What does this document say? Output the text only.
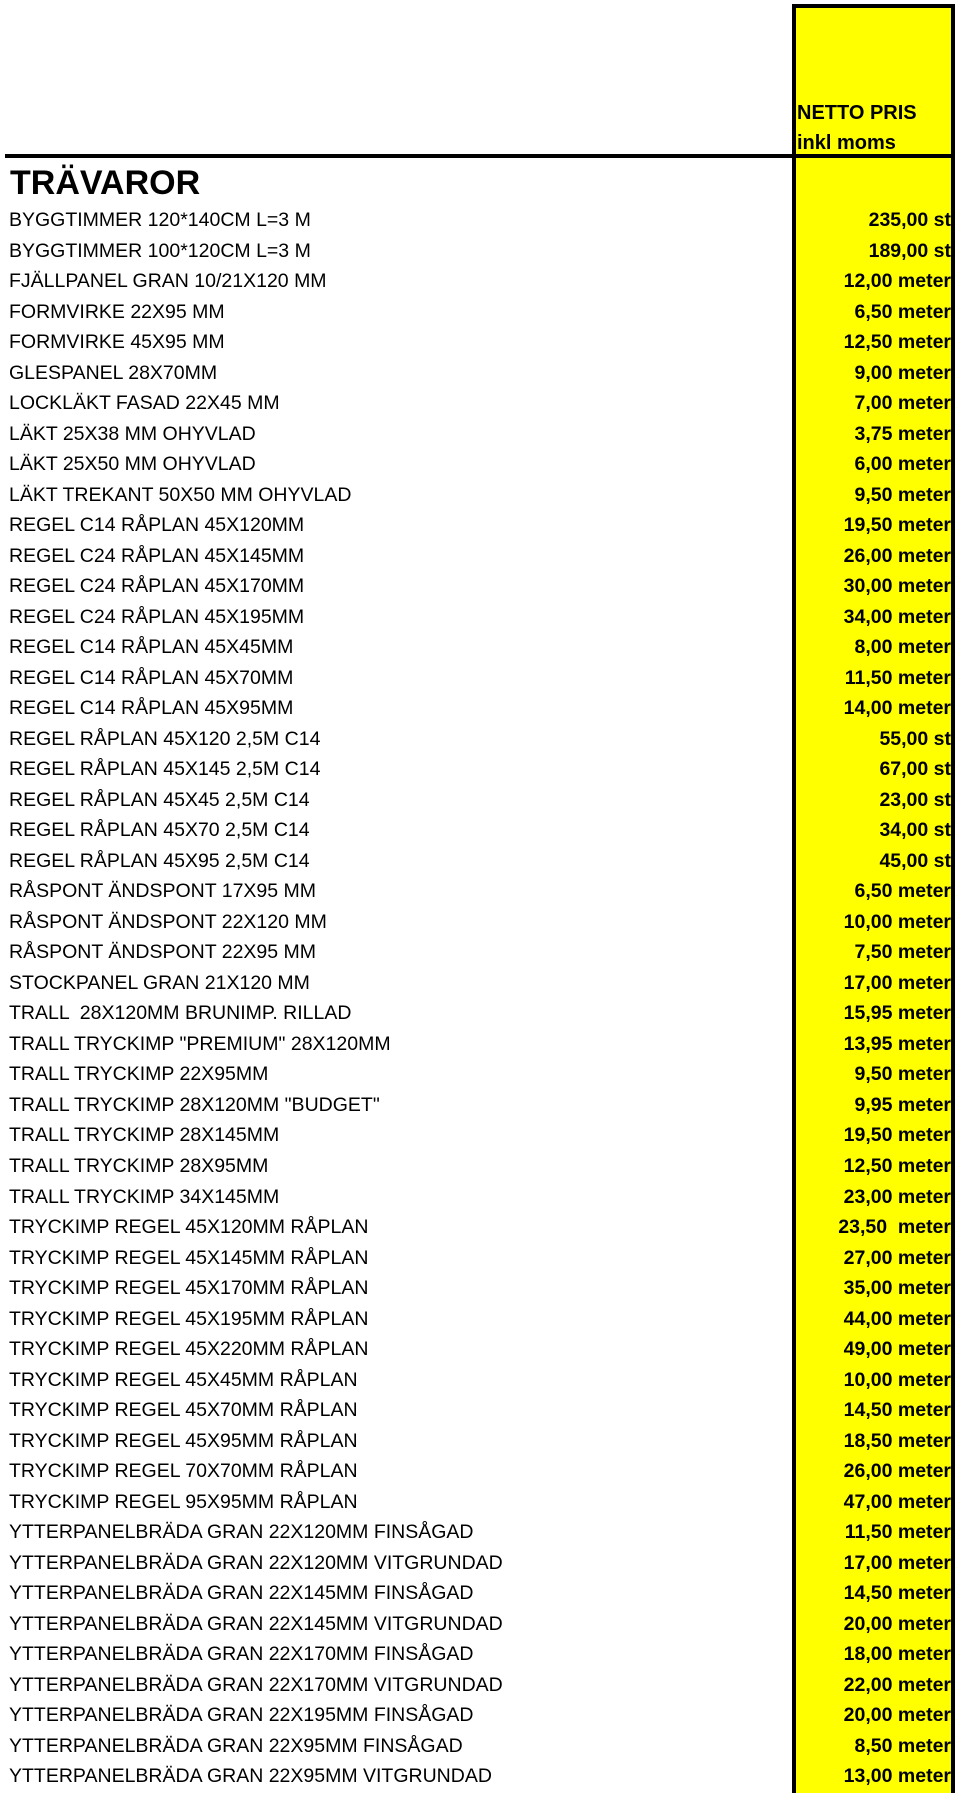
NETTO PRIS
inkl moms
TRÄVAROR
BYGGTIMMER 120*140CM L=3 M	235,00 st
BYGGTIMMER 100*120CM L=3 M	189,00 st
FJÄLLPANEL GRAN 10/21X120 MM	12,00 meter
FORMVIRKE 22X95 MM	6,50 meter
FORMVIRKE 45X95 MM	12,50 meter
GLESPANEL 28X70MM	9,00 meter
LOCKLÄKT FASAD 22X45 MM	7,00 meter
LÄKT 25X38 MM OHYVLAD	3,75 meter
LÄKT 25X50 MM OHYVLAD	6,00 meter
LÄKT TREKANT 50X50 MM OHYVLAD	9,50 meter
REGEL C14 RÅPLAN 45X120MM	19,50 meter
REGEL C24 RÅPLAN 45X145MM	26,00 meter
REGEL C24 RÅPLAN 45X170MM	30,00 meter
REGEL C24 RÅPLAN 45X195MM	34,00 meter
REGEL C14 RÅPLAN 45X45MM	8,00 meter
REGEL C14 RÅPLAN 45X70MM	11,50 meter
REGEL C14 RÅPLAN 45X95MM	14,00 meter
REGEL RÅPLAN 45X120 2,5M C14	55,00 st
REGEL RÅPLAN 45X145 2,5M C14	67,00 st
REGEL RÅPLAN 45X45 2,5M C14	23,00 st
REGEL RÅPLAN 45X70 2,5M C14	34,00 st
REGEL RÅPLAN 45X95 2,5M C14	45,00 st
RÅSPONT ÄNDSPONT 17X95 MM	6,50 meter
RÅSPONT ÄNDSPONT 22X120 MM	10,00 meter
RÅSPONT ÄNDSPONT 22X95 MM	7,50 meter
STOCKPANEL GRAN 21X120 MM	17,00 meter
TRALL  28X120MM BRUNIMP. RILLAD	15,95 meter
TRALL TRYCKIMP "PREMIUM" 28X120MM	13,95 meter
TRALL TRYCKIMP 22X95MM	9,50 meter
TRALL TRYCKIMP 28X120MM "BUDGET"	9,95 meter
TRALL TRYCKIMP 28X145MM	19,50 meter
TRALL TRYCKIMP 28X95MM	12,50 meter
TRALL TRYCKIMP 34X145MM	23,00 meter
TRYCKIMP REGEL 45X120MM RÅPLAN	23,50  meter
TRYCKIMP REGEL 45X145MM RÅPLAN	27,00 meter
TRYCKIMP REGEL 45X170MM RÅPLAN	35,00 meter
TRYCKIMP REGEL 45X195MM RÅPLAN	44,00 meter
TRYCKIMP REGEL 45X220MM RÅPLAN	49,00 meter
TRYCKIMP REGEL 45X45MM RÅPLAN	10,00 meter
TRYCKIMP REGEL 45X70MM RÅPLAN	14,50 meter
TRYCKIMP REGEL 45X95MM RÅPLAN	18,50 meter
TRYCKIMP REGEL 70X70MM RÅPLAN	26,00 meter
TRYCKIMP REGEL 95X95MM RÅPLAN	47,00 meter
YTTERPANELBRÄDA GRAN 22X120MM FINSÅGAD	11,50 meter
YTTERPANELBRÄDA GRAN 22X120MM VITGRUNDAD	17,00 meter
YTTERPANELBRÄDA GRAN 22X145MM FINSÅGAD	14,50 meter
YTTERPANELBRÄDA GRAN 22X145MM VITGRUNDAD	20,00 meter
YTTERPANELBRÄDA GRAN 22X170MM FINSÅGAD	18,00 meter
YTTERPANELBRÄDA GRAN 22X170MM VITGRUNDAD	22,00 meter
YTTERPANELBRÄDA GRAN 22X195MM FINSÅGAD	20,00 meter
YTTERPANELBRÄDA GRAN 22X95MM FINSÅGAD	8,50 meter
YTTERPANELBRÄDA GRAN 22X95MM VITGRUNDAD	13,00 meter
